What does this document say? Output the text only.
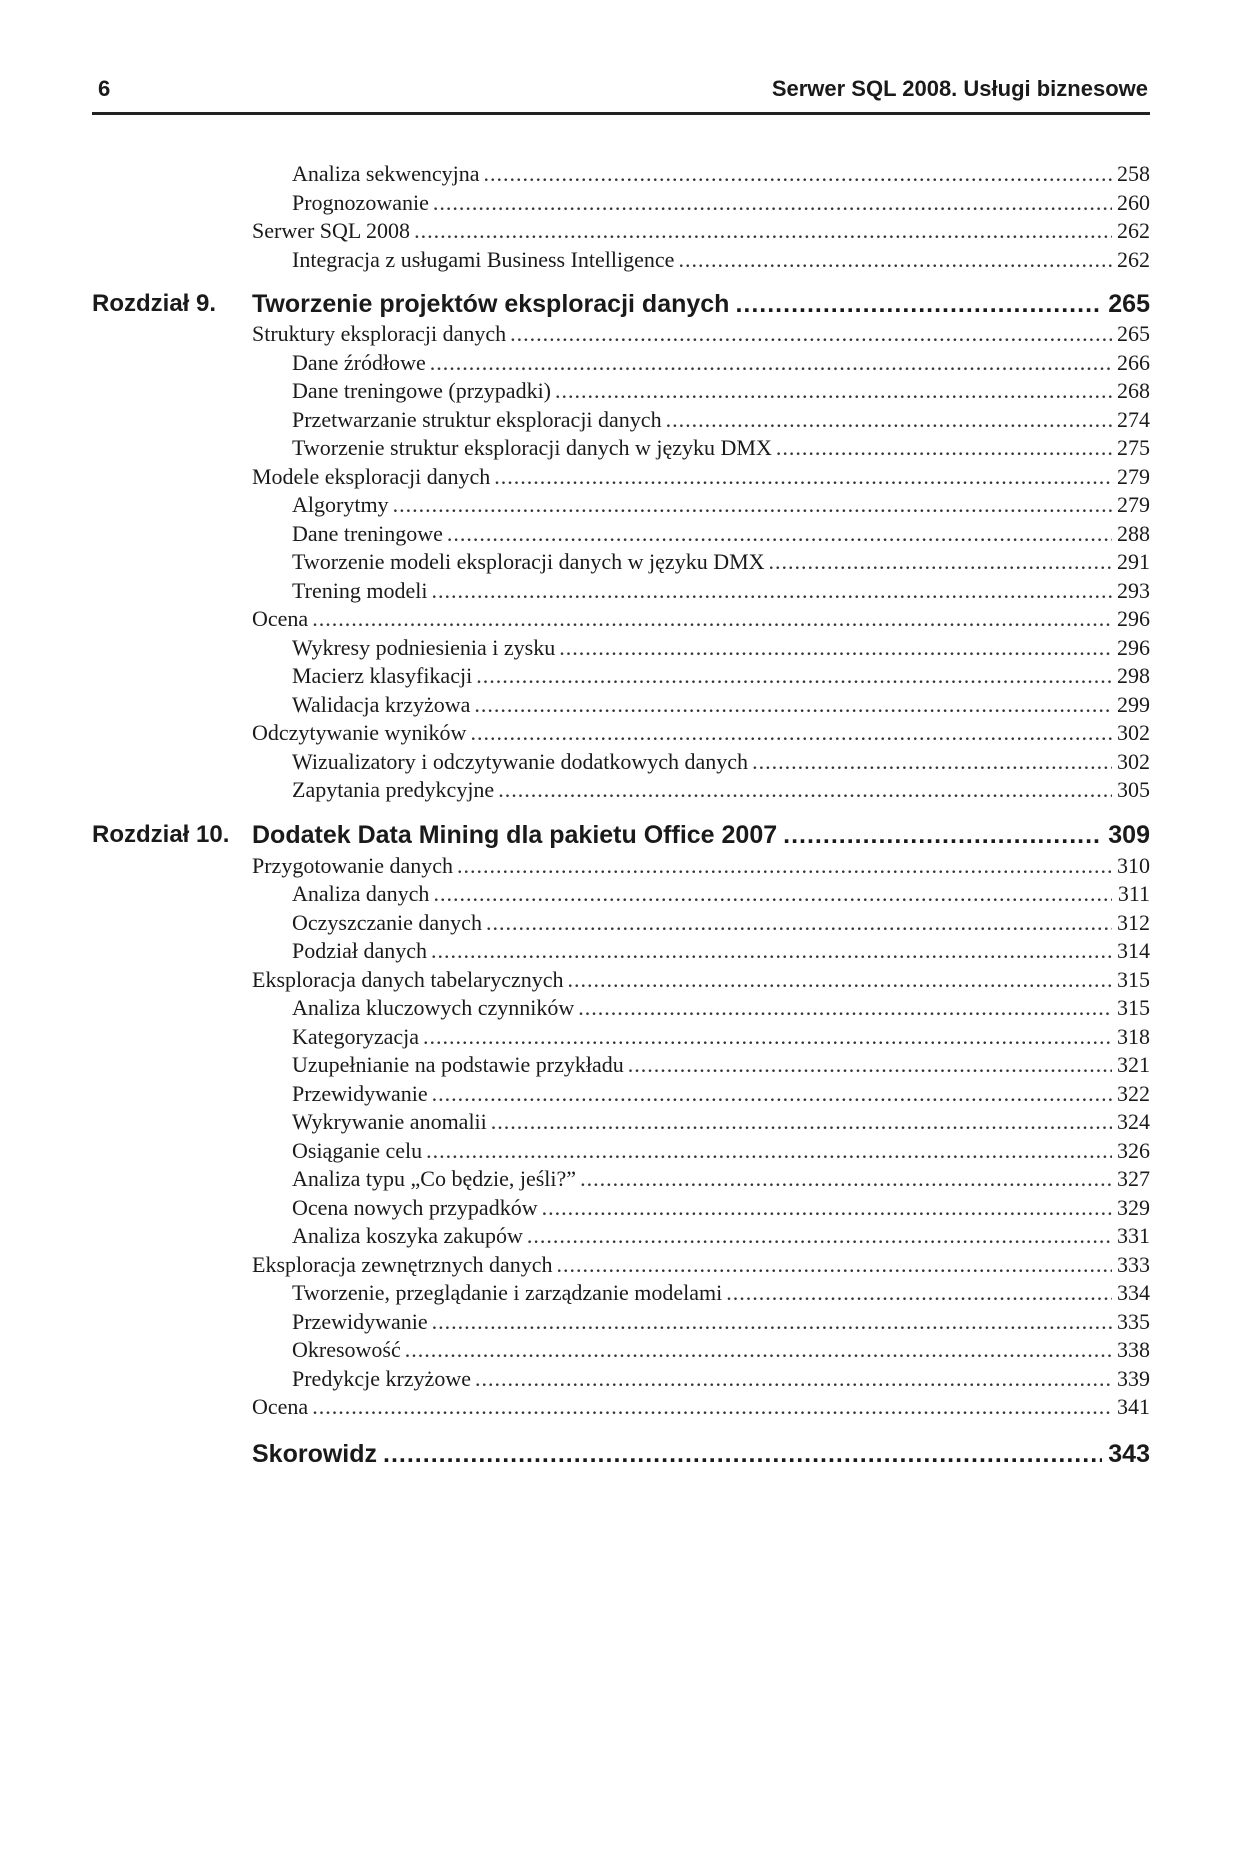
6	Serwer SQL 2008. Usługi biznesowe
Analiza sekwencyjna .....	258
Prognozowanie .....	260
Serwer SQL 2008 .....	262
Integracja z usługami Business Intelligence .....	262
Rozdział 9. Tworzenie projektów eksploracji danych .....	265
Struktury eksploracji danych .....	265
Dane źródłowe .....	266
Dane treningowe (przypadki) .....	268
Przetwarzanie struktur eksploracji danych .....	274
Tworzenie struktur eksploracji danych w języku DMX .....	275
Modele eksploracji danych .....	279
Algorytmy .....	279
Dane treningowe .....	288
Tworzenie modeli eksploracji danych w języku DMX .....	291
Trening modeli .....	293
Ocena .....	296
Wykresy podniesienia i zysku .....	296
Macierz klasyfikacji .....	298
Walidacja krzyżowa .....	299
Odczytywanie wyników .....	302
Wizualizatory i odczytywanie dodatkowych danych .....	302
Zapytania predykcyjne .....	305
Rozdział 10. Dodatek Data Mining dla pakietu Office 2007 .....	309
Przygotowanie danych .....	310
Analiza danych .....	311
Oczyszczanie danych .....	312
Podział danych .....	314
Eksploracja danych tabelarycznych .....	315
Analiza kluczowych czynników .....	315
Kategoryzacja .....	318
Uzupełnianie na podstawie przykładu .....	321
Przewidywanie .....	322
Wykrywanie anomalii .....	324
Osiąganie celu .....	326
Analiza typu „Co będzie, jeśli?” .....	327
Ocena nowych przypadków .....	329
Analiza koszyka zakupów .....	331
Eksploracja zewnętrznych danych .....	333
Tworzenie, przeglądanie i zarządzanie modelami .....	334
Przewidywanie .....	335
Okresowość .....	338
Predykcje krzyżowe .....	339
Ocena .....	341
Skorowidz .....	343
